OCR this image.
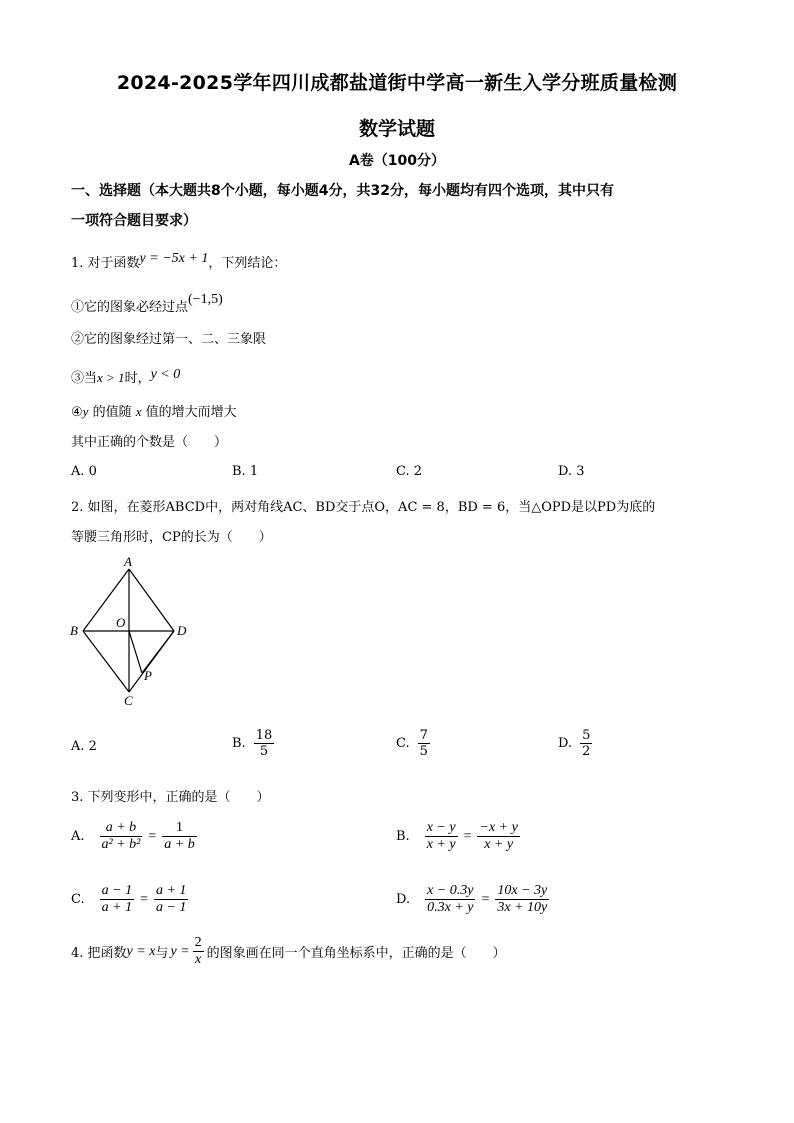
2024-2025学年四川成都盐道街中学高一新生入学分班质量检测
数学试题
A卷（100分）
一、选择题（本大题共8个小题，每小题4分，共32分，每小题均有四个选项，其中只有
一项符合题目要求）
1. 对于函数y = −5x + 1，下列结论：
①它的图象必经过点(−1,5)
②它的图象经过第一、二、三象限
③当x > 1时，y < 0
④y 的值随 x 值的增大而增大
其中正确的个数是（　　）
A. 0	B. 1	C. 2	D. 3
2. 如图，在菱形ABCD中，两对角线AC、BD交于点O，AC = 8，BD = 6，当△OPD是以PD为底的
等腰三角形时，CP的长为（　　）
A
B	D
O
P
C
A. 2	B. $\frac{18}{5}$	C. $\frac{7}{5}$	D. $\frac{5}{2}$
3. 下列变形中，正确的是（　　）
A. $\frac{a + b}{\text{a² + b²}} = \frac{1}{a + b}$	B. $\frac{x - y}{x + y} = \frac{-x + y}{x + y}$
C. $\frac{a - 1}{a + 1} = \frac{a + 1}{a - 1}$	D. $\frac{x - 0.3y}{0.3x + y} = \frac{10x - 3y}{3x + 10y}$
4. 把函数 y = x 与 $y = \frac{2}{x}$ 的图象画在同一个直角坐标系中，正确的是（　　）
